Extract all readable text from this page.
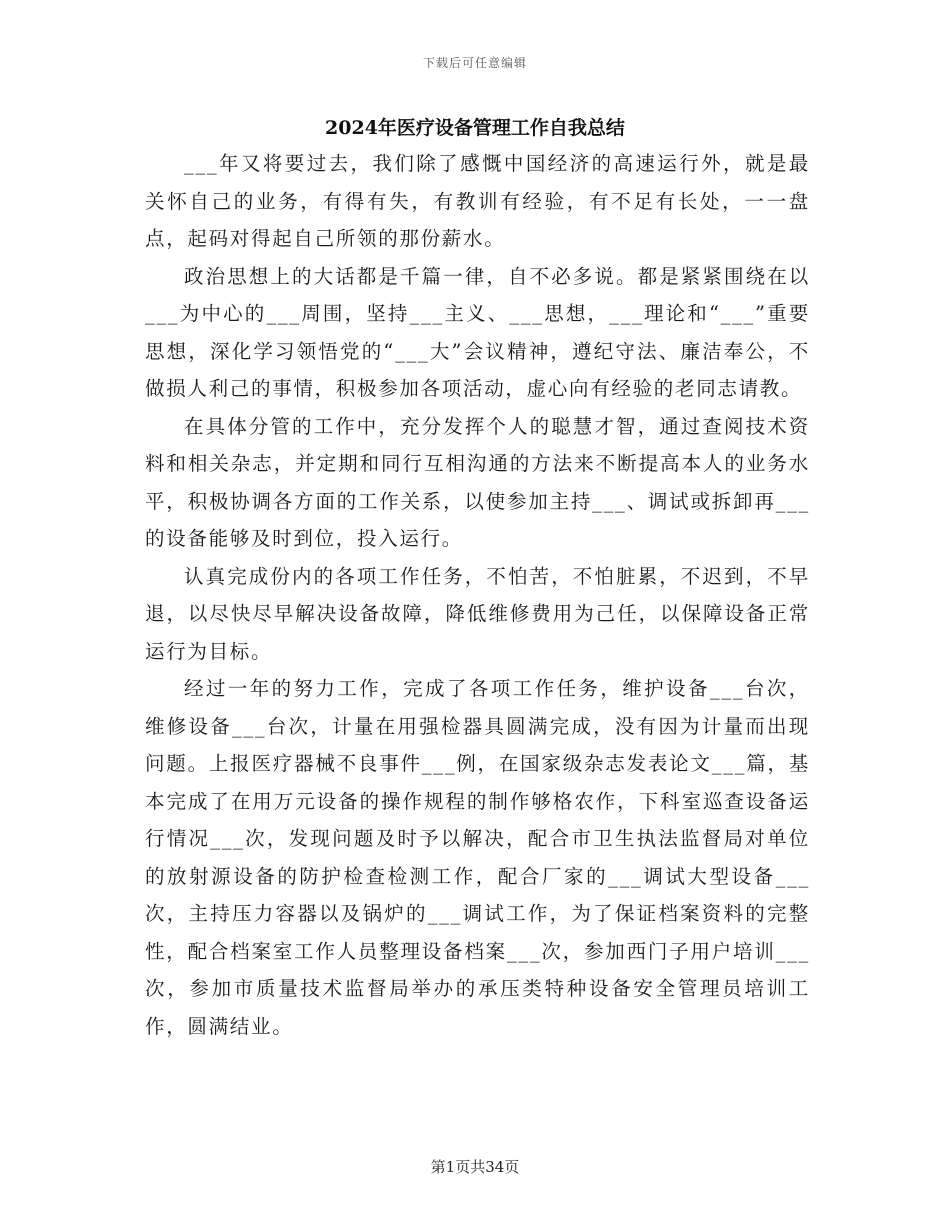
下载后可任意编辑
2024年医疗设备管理工作自我总结

___年又将要过去，我们除了感慨中国经济的高速运行外，就是最关怀自己的业务，有得有失，有教训有经验，有不足有长处，一一盘点，起码对得起自己所领的那份薪水。

政治思想上的大话都是千篇一律，自不必多说。都是紧紧围绕在以___为中心的___周围，坚持___主义、___思想，___理论和“___”重要思想，深化学习领悟党的“___大”会议精神，遵纪守法、廉洁奉公，不做损人利己的事情，积极参加各项活动，虚心向有经验的老同志请教。

在具体分管的工作中，充分发挥个人的聪慧才智，通过查阅技术资料和相关杂志，并定期和同行互相沟通的方法来不断提高本人的业务水平，积极协调各方面的工作关系，以使参加主持___、调试或拆卸再___的设备能够及时到位，投入运行。

认真完成份内的各项工作任务，不怕苦，不怕脏累，不迟到，不早退，以尽快尽早解决设备故障，降低维修费用为己任，以保障设备正常运行为目标。

经过一年的努力工作，完成了各项工作任务，维护设备___台次，维修设备___台次，计量在用强检器具圆满完成，没有因为计量而出现问题。上报医疗器械不良事件___例，在国家级杂志发表论文___篇，基本完成了在用万元设备的操作规程的制作够格农作，下科室巡查设备运行情况___次，发现问题及时予以解决，配合市卫生执法监督局对单位的放射源设备的防护检查检测工作，配合厂家的___调试大型设备___次，主持压力容器以及锅炉的___调试工作，为了保证档案资料的完整性，配合档案室工作人员整理设备档案___次，参加西门子用户培训___次，参加市质量技术监督局举办的承压类特种设备安全管理员培训工作，圆满结业。

第1页共34页
